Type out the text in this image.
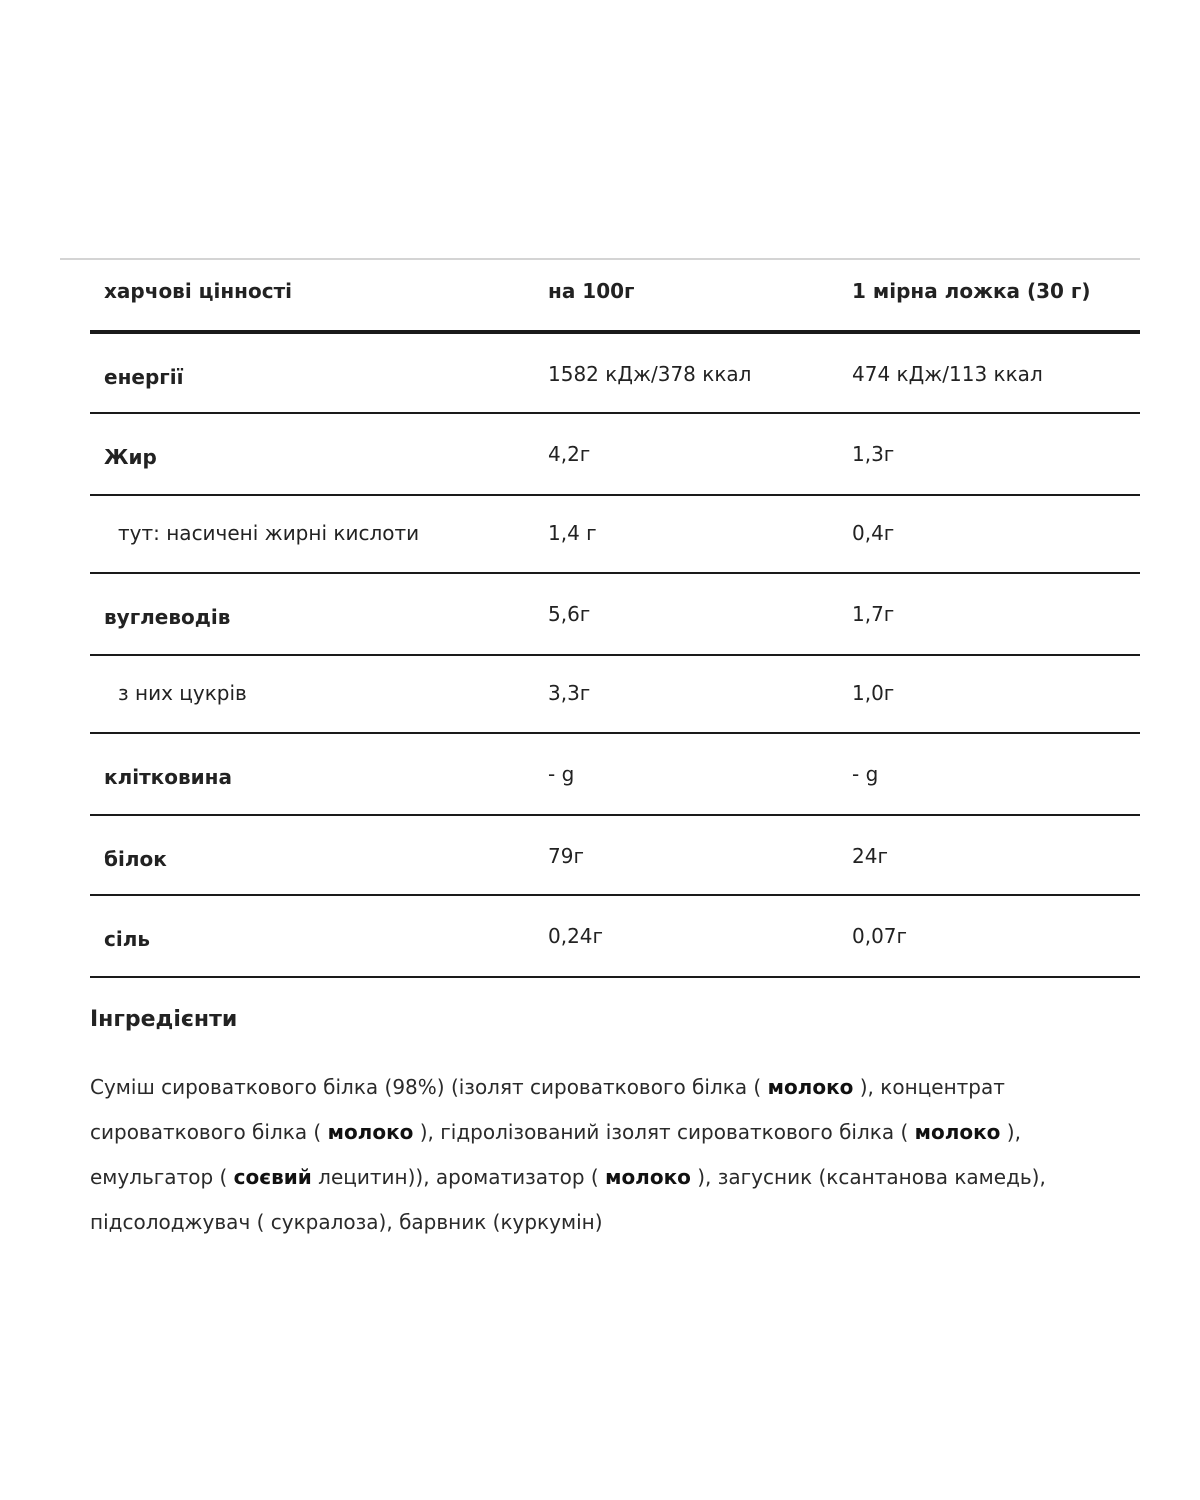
харчові цінності	на 100г	1 мірна ложка (30 г)
енергії	1582 кДж/378 ккал	474 кДж/113 ккал
Жир	4,2г	1,3г
тут: насичені жирні кислоти	1,4 г	0,4г
вуглеводів	5,6г	1,7г
з них цукрів	3,3г	1,0г
клітковина	- g	- g
білок	79г	24г
сіль	0,24г	0,07г
Інгредієнти

Суміш сироваткового білка (98%) (ізолят сироваткового білка ( молоко ), концентрат сироваткового білка ( молоко ), гідролізований ізолят сироваткового білка ( молоко ), емульгатор ( соєвий лецитин)), ароматизатор ( молоко ), загусник (ксантанова камедь), підсолоджувач ( сукралоза), барвник (куркумін)
